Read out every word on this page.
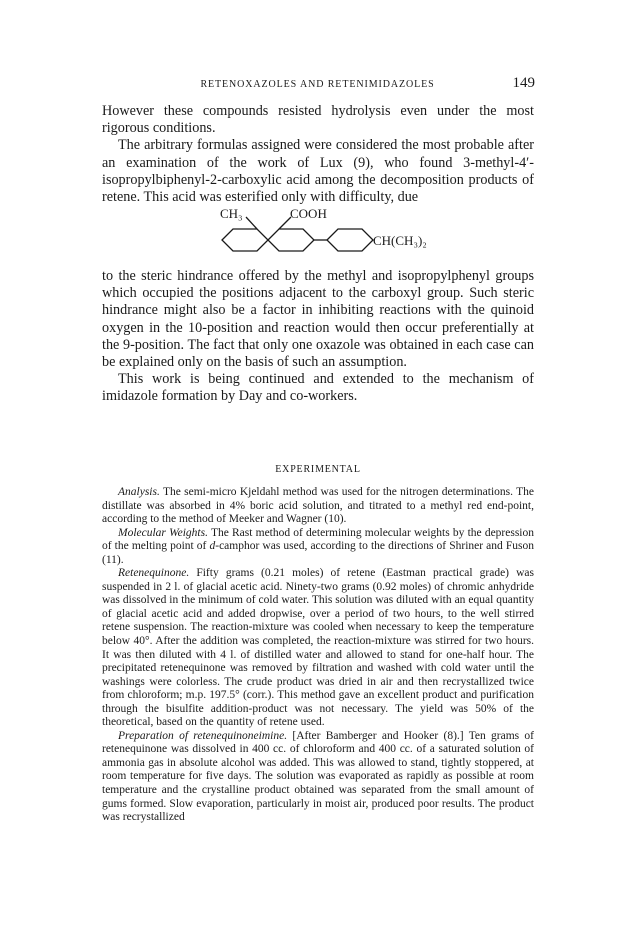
RETENOXAZOLES AND RETENIMIDAZOLES	149

However these compounds resisted hydrolysis even under the most rigorous conditions.

The arbitrary formulas assigned were considered the most probable after an examination of the work of Lux (9), who found 3-methyl-4′-isopropylbiphenyl-2-carboxylic acid among the decomposition products of retene. This acid was esterified only with difficulty, due

CH₃	COOH
CH(CH₃)₂

to the steric hindrance offered by the methyl and isopropylphenyl groups which occupied the positions adjacent to the carboxyl group. Such steric hindrance might also be a factor in inhibiting reactions with the quinoid oxygen in the 10-position and reaction would then occur preferentially at the 9-position. The fact that only one oxazole was obtained in each case can be explained only on the basis of such an assumption.

This work is being continued and extended to the mechanism of imidazole formation by Day and co-workers.

EXPERIMENTAL

Analysis. The semi-micro Kjeldahl method was used for the nitrogen determinations. The distillate was absorbed in 4% boric acid solution, and titrated to a methyl red end-point, according to the method of Meeker and Wagner (10).

Molecular Weights. The Rast method of determining molecular weights by the depression of the melting point of d-camphor was used, according to the directions of Shriner and Fuson (11).

Retenequinone. Fifty grams (0.21 moles) of retene (Eastman practical grade) was suspended in 2 l. of glacial acetic acid. Ninety-two grams (0.92 moles) of chromic anhydride was dissolved in the minimum of cold water. This solution was diluted with an equal quantity of glacial acetic acid and added dropwise, over a period of two hours, to the well stirred retene suspension. The reaction-mixture was cooled when necessary to keep the temperature below 40°. After the addition was completed, the reaction-mixture was stirred for two hours. It was then diluted with 4 l. of distilled water and allowed to stand for one-half hour. The precipitated retenequinone was removed by filtration and washed with cold water until the washings were colorless. The crude product was dried in air and then recrystallized twice from chloroform; m.p. 197.5° (corr.). This method gave an excellent product and purification through the bisulfite addition-product was not necessary. The yield was 50% of the theoretical, based on the quantity of retene used.

Preparation of retenequinoneimine. [After Bamberger and Hooker (8).] Ten grams of retenequinone was dissolved in 400 cc. of chloroform and 400 cc. of a saturated solution of ammonia gas in absolute alcohol was added. This was allowed to stand, tightly stoppered, at room temperature for five days. The solution was evaporated as rapidly as possible at room temperature and the crystalline product obtained was separated from the small amount of gums formed. Slow evaporation, particularly in moist air, produced poor results. The product was recrystallized
